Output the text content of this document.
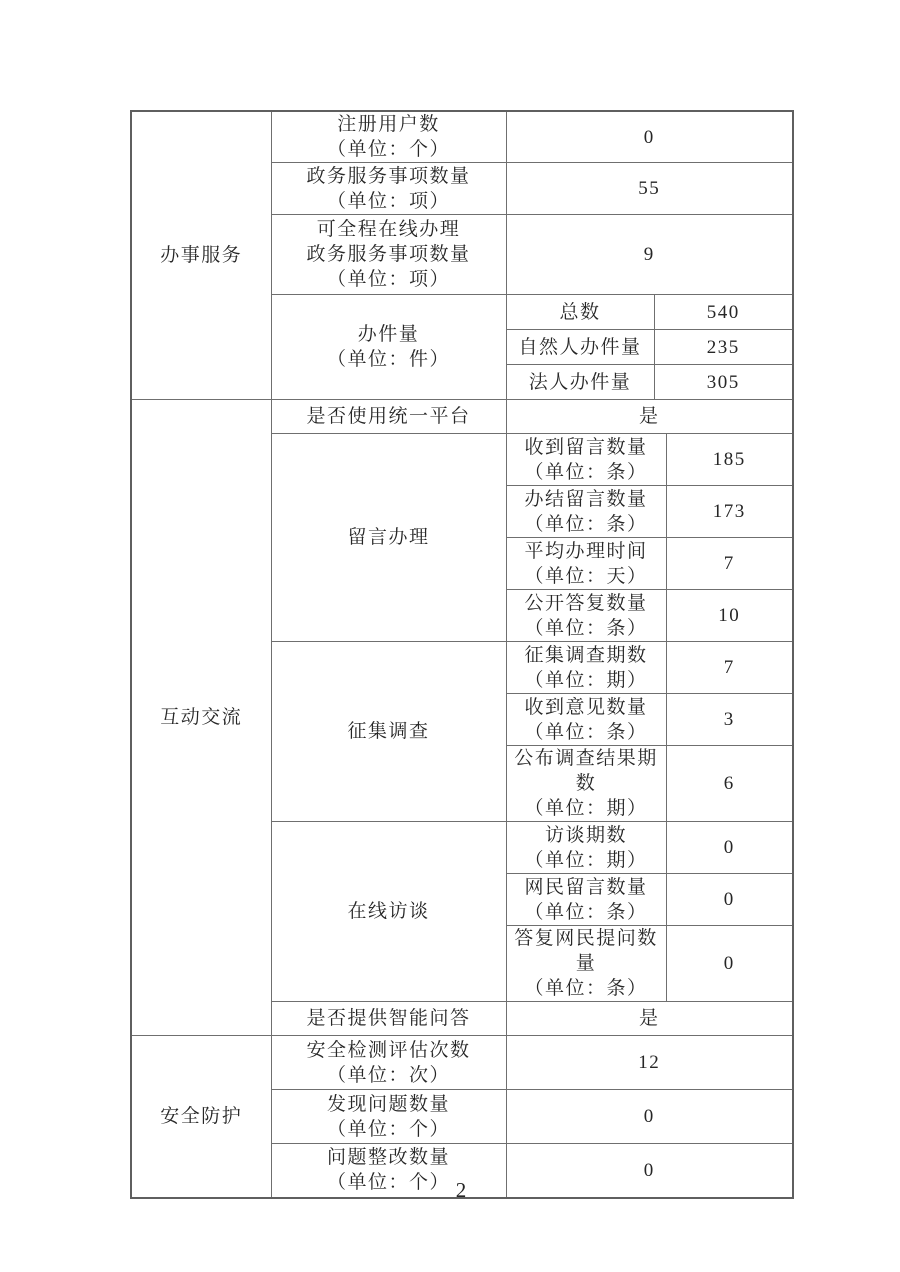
办事服务	注册用户数
（单位：个）	0		

	政务服务事项数量
（单位：项）	55		

	可全程在线办理
政务服务事项数量
（单位：项）	9		

	办件量
（单位：件）	总数	540	
		自然人办件量	235	
		法人办件量	305	
互动交流	是否使用统一平台	是		
	留言办理	收到留言数量
（单位：条）		185

		办结留言数量
（单位：条）		173

		平均办理时间
（单位：天）		7

		公开答复数量
（单位：条）		10
	征集调查	征集调查期数
（单位：期）		7

		收到意见数量
（单位：条）		3

		公布调查结果期数
（单位：期）		6
	在线访谈	访谈期数
（单位：期）		0

		网民留言数量
（单位：条）		0

		答复网民提问数量
（单位：条）		0
	是否提供智能问答	是		
安全防护	安全检测评估次数
（单位：次）	12		

	发现问题数量
（单位：个）	0		

	问题整改数量
（单位：个）	0		
2
